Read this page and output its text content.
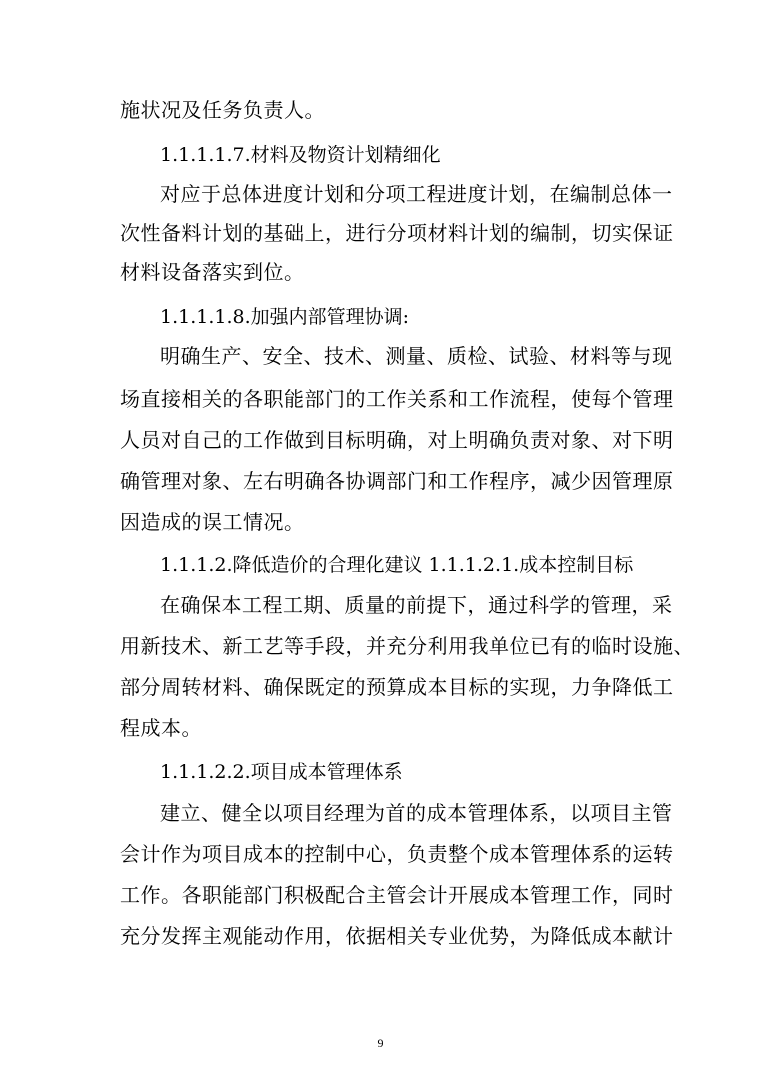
施状况及任务负责人。
1.1.1.1.7.材料及物资计划精细化
对应于总体进度计划和分项工程进度计划，在编制总体一
次性备料计划的基础上，进行分项材料计划的编制，切实保证
材料设备落实到位。
1.1.1.1.8.加强内部管理协调:
明确生产、安全、技术、测量、质检、试验、材料等与现
场直接相关的各职能部门的工作关系和工作流程，使每个管理
人员对自己的工作做到目标明确，对上明确负责对象、对下明
确管理对象、左右明确各协调部门和工作程序，减少因管理原
因造成的误工情况。
1.1.1.2.降低造价的合理化建议 1.1.1.2.1.成本控制目标
在确保本工程工期、质量的前提下，通过科学的管理，采
用新技术、新工艺等手段，并充分利用我单位已有的临时设施、
部分周转材料、确保既定的预算成本目标的实现，力争降低工
程成本。
1.1.1.2.2.项目成本管理体系
建立、健全以项目经理为首的成本管理体系，以项目主管
会计作为项目成本的控制中心，负责整个成本管理体系的运转
工作。各职能部门积极配合主管会计开展成本管理工作，同时
充分发挥主观能动作用，依据相关专业优势，为降低成本献计
9
